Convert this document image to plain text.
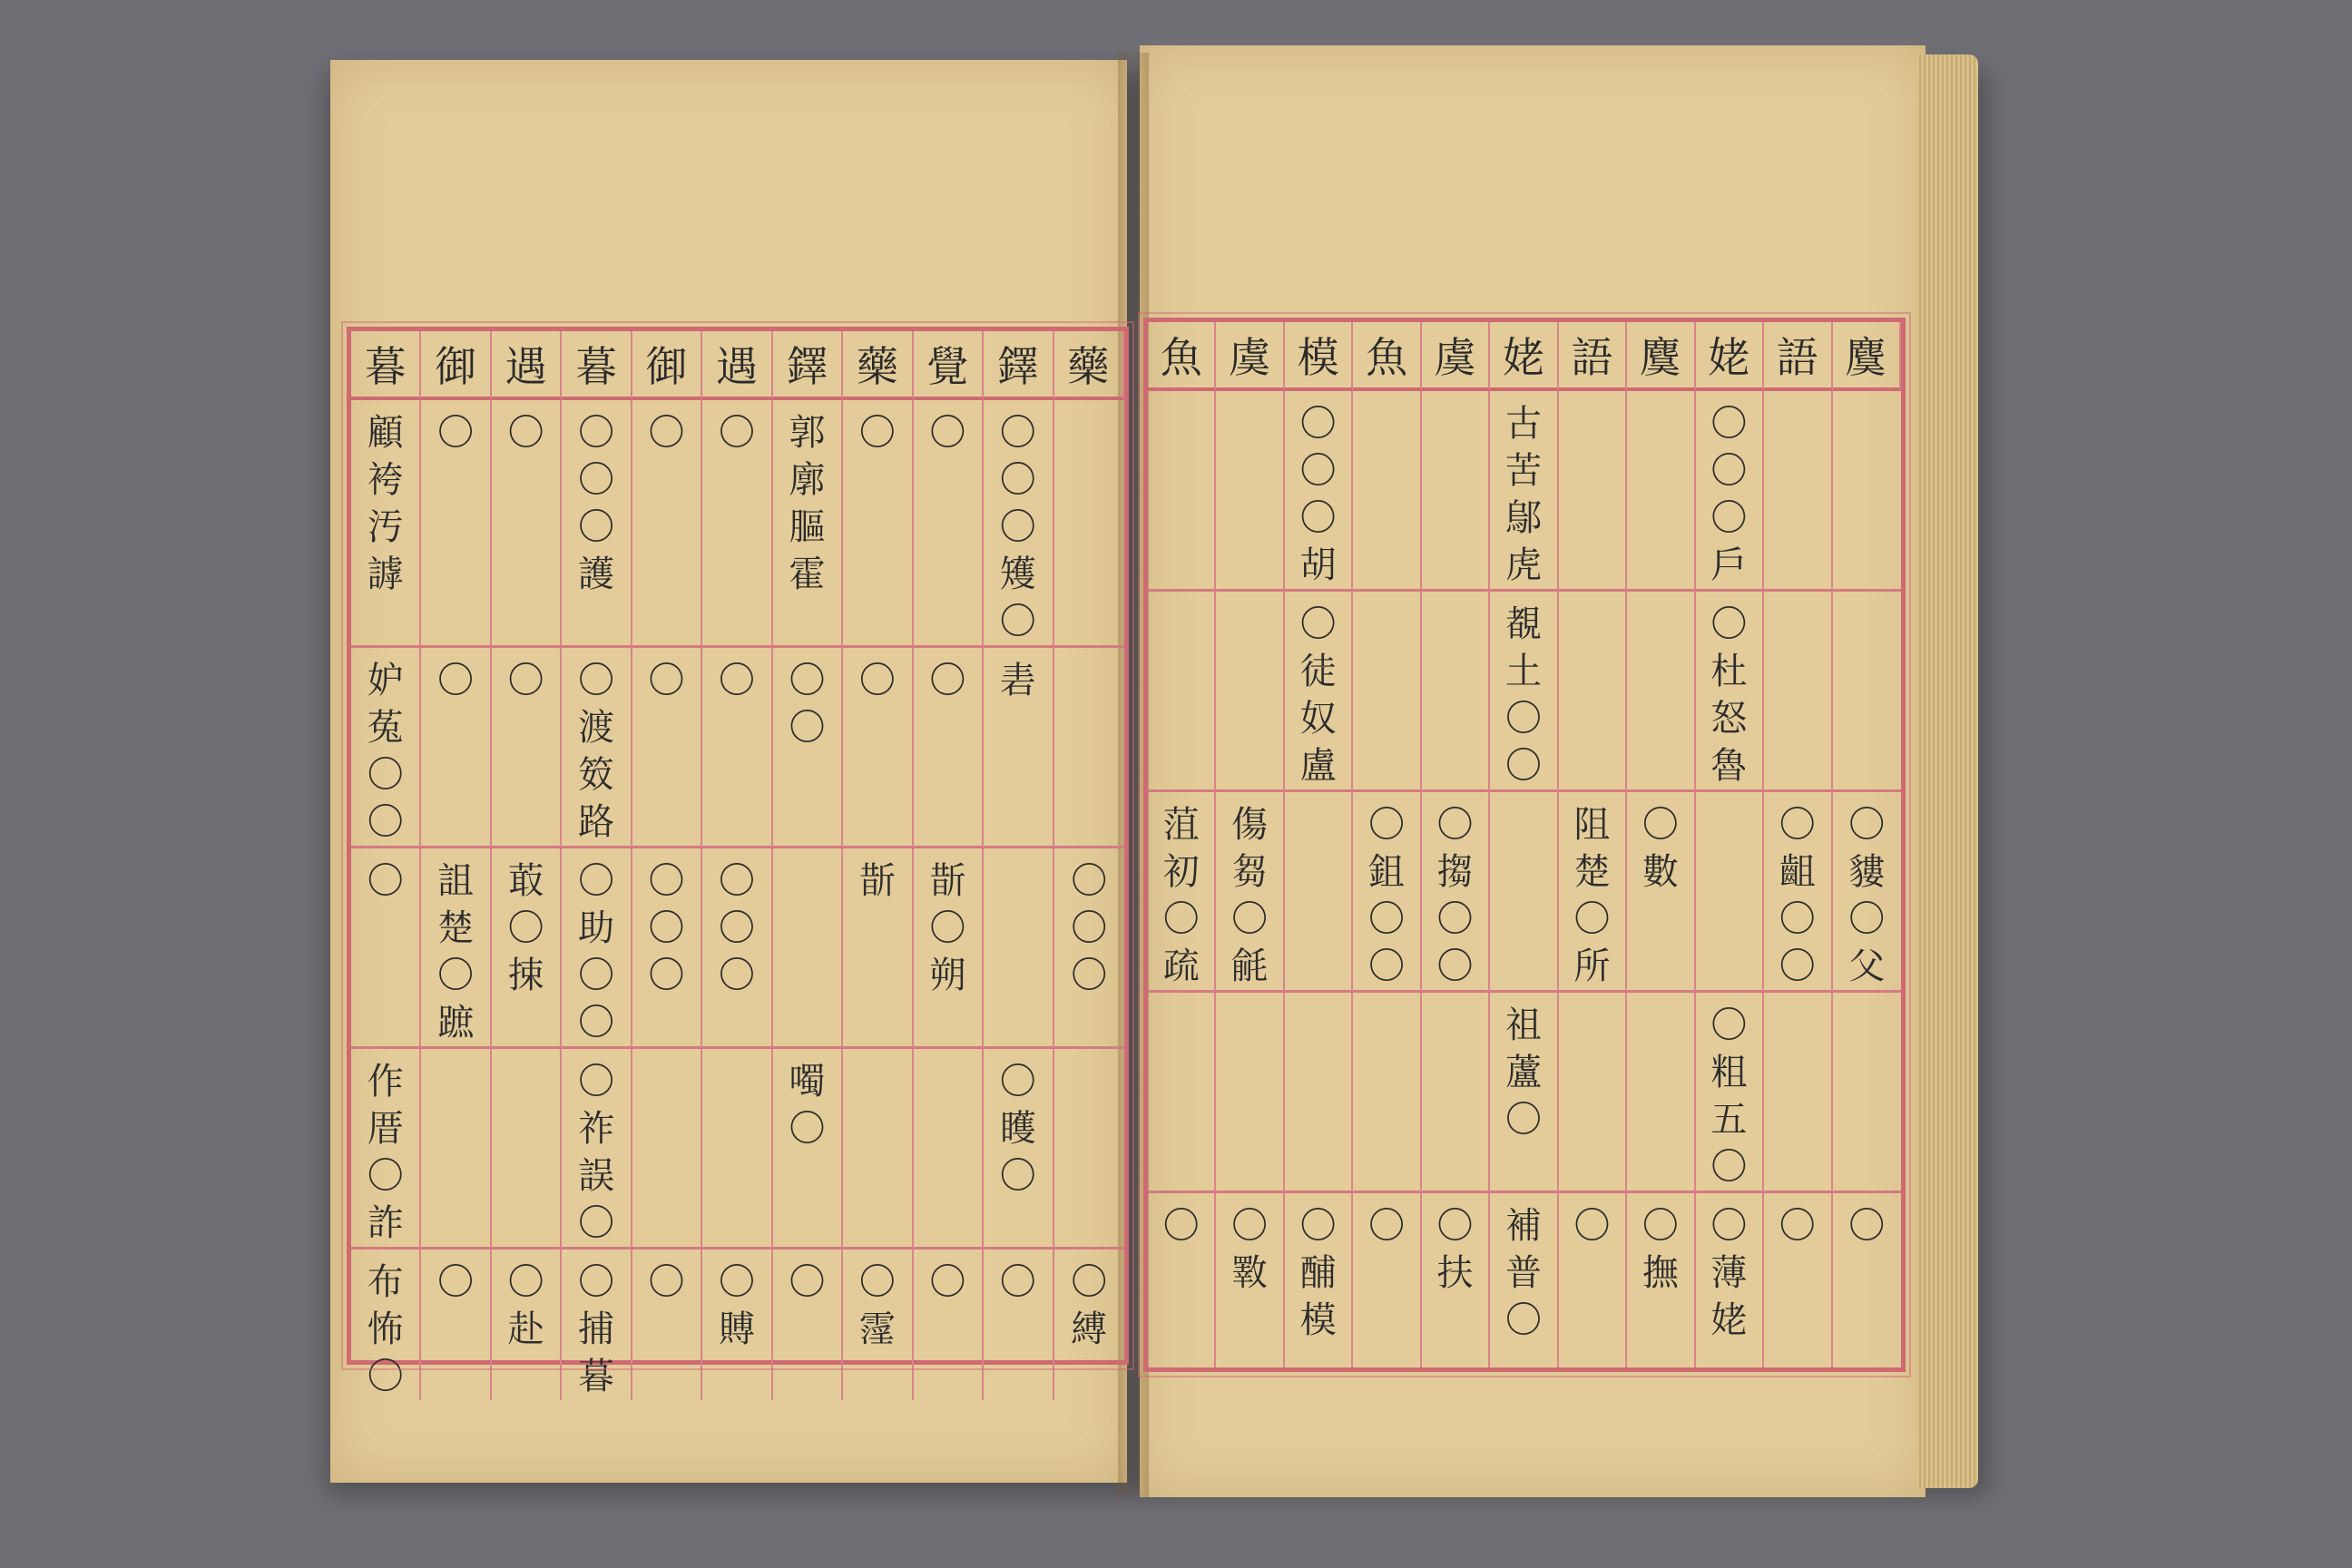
暮 御 遇 暮 御 遇 鐸 藥 覺 鐸 藥
顧
袴
汚
謼
〇 〇 〇
〇
〇
護
〇 〇 郭
廓
膒
霍
〇 〇 〇
〇
〇
矱
〇
妒
菟
〇
〇
〇 〇 〇
渡
笯
路
〇 〇 〇
〇
〇 〇 砉
〇 詛
楚
〇
蹠
菆
〇
捒
〇
助
〇
〇
〇
〇
〇
〇
〇
〇
斮 斮
〇
朔
〇
〇
〇
作
厝
〇
詐
〇
祚
誤
〇
噣
〇
〇
矆
〇
布
怖
〇
〇 〇
赴
〇
捕
暮
〇 〇
賻
〇 〇
霪
〇 〇 〇
縛
魚 虞 模 魚 虞 姥 語 麌 姥 語 麌
〇
〇
〇
胡
古
苦
鄔
虎
〇
〇
〇
戶
〇
徒
奴
盧
覩
土
〇
〇
〇
杜
怒
魯
菹
初
〇
疏
傷
芻
〇
毹
〇
鉏
〇
〇
〇
搊
〇
〇
阻
楚
〇
所
〇
數
〇
齟
〇
〇
〇
貗
〇
父
祖
蘆
〇
〇
粗
五
〇
〇 〇
斁
〇
酺
模
〇 〇
扶
補
普
〇
〇 〇
撫
〇
薄
姥
〇 〇
